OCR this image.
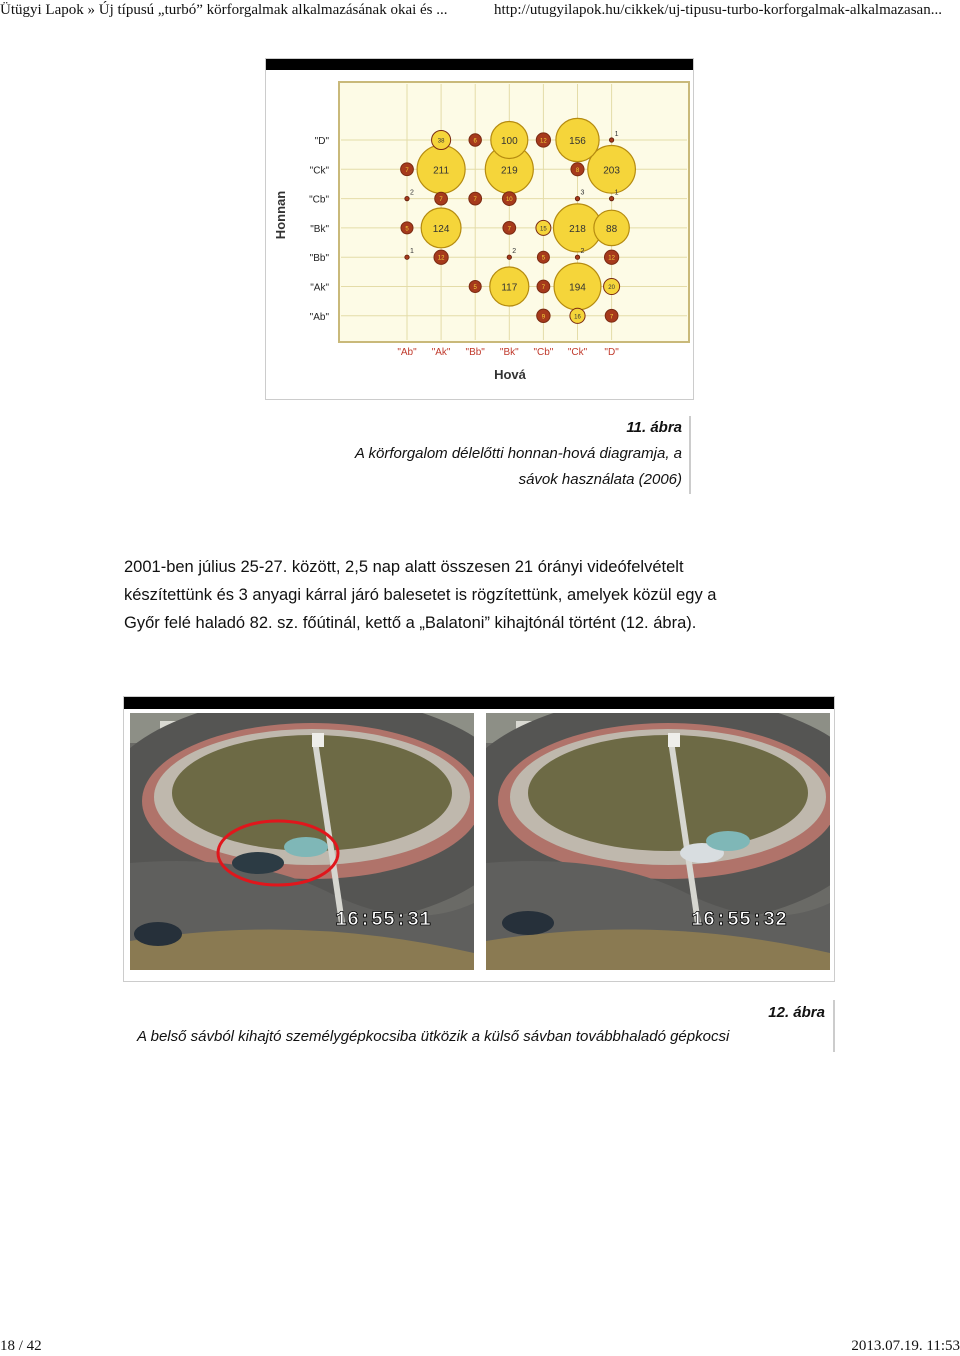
Ütügyi Lapok » Új típusú „turbó” körforgalmak alkalmazásának okai és ...	http://utugyilapok.hu/cikkek/uj-tipusu-turbo-korforgalmak-alkalmazasan...
219
218
211	203
194
156
124
117
100
88
38
20
16
15
12
12	12
10
9
8
7
7	7
7
7
7
6
5
5
5
3
2
2	2
1
1
1
"D"
"Ck"
"Cb"
"Bk"
"Bb"
"Ak"
"Ab"
"Ab" "Ak" "Bb" "Bk" "Cb" "Ck" "D"
Honnan
Hová
11. ábra
A körforgalom délelőtti honnan-hová diagramja, a
sávok használata (2006)
2001-ben július 25-27. között, 2,5 nap alatt összesen 21 órányi videófelvételt
készítettünk és 3 anyagi kárral járó balesetet is rögzítettünk, amelyek közül egy a
Győr felé haladó 82. sz. főútinál, kettő a „Balatoni” kihajtónál történt (12. ábra).
16:55:31	16:55:32
12. ábra
A belső sávból kihajtó személygépkocsiba ütközik a külső sávban továbbhaladó gépkocsi
18 / 42	2013.07.19. 11:53
